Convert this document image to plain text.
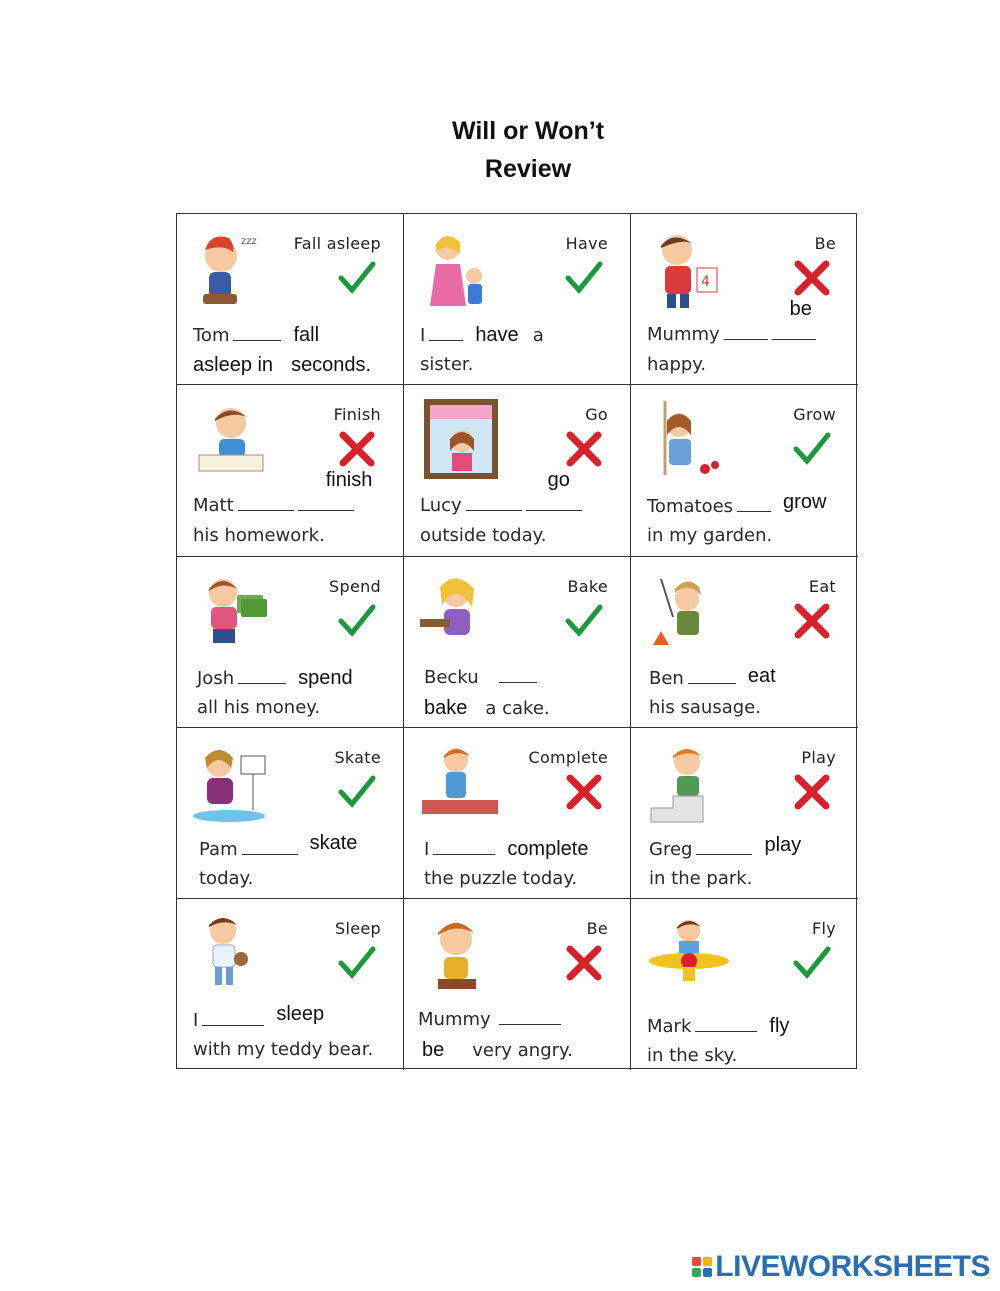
Will or Won’t
Review
zzz Fall asleep
Tom	fall
asleep in seconds.
Have
I	have a
sister.
4
Be
Mummy
be
happy.
Finish
Matt
finish
his homework.
Go
Lucy
go
outside today.
Grow
Tomatoes	grow
in my garden.
Spend
Josh	spend
all his money.
Bake
Becku
bake a cake.
Eat
Ben	eat
his sausage.
Skate
Pam	skate
today.
Complete
I	complete
the puzzle today.
Play
Greg	play
in the park.
Sleep
I	sleep
with my teddy bear.
Be
Mummy
be very angry.
Fly
Mark	fly
in the sky.
LIVEWORKSHEETS
